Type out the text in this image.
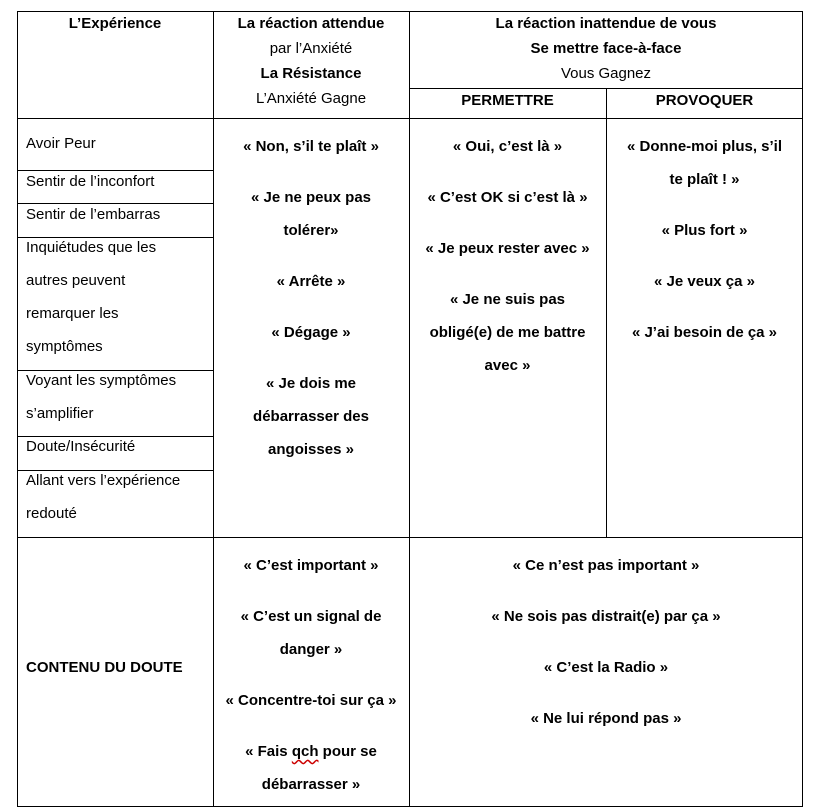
L’Expérience	La réaction attendue

par l’Anxiété

La Résistance

L’Anxiété Gagne

La réaction inattendue de vous

Se mettre face-à-face

Vous Gagnez

PERMETTRE	PROVOQUER

Avoir Peur
Sentir de l’inconfort
Sentir de l’embarras
Inquiétudes que les
autres peuvent
remarquer les
symptômes
Voyant les symptômes
s’amplifier
Doute/Insécurité
Allant vers l’expérience
redouté
« Non, s’il te plaît »
« Je ne peux pas
tolérer»
« Arrête »
« Dégage »
« Je dois me
débarrasser des
angoisses »
« Oui, c’est là »
« C’est OK si c’est là »
« Je peux rester avec »
« Je ne suis pas
obligé(e) de me battre
avec »
« Donne-moi plus, s’il
te plaît ! »
« Plus fort »
« Je veux ça »
« J’ai besoin de ça »
CONTENU DU DOUTE
« C’est important »
« C’est un signal de
danger »
« Concentre-toi sur ça »
« Fais qch pour se
débarrasser »
« Ce n’est pas important »
« Ne sois pas distrait(e) par ça »
« C’est la Radio »
« Ne lui répond pas »
